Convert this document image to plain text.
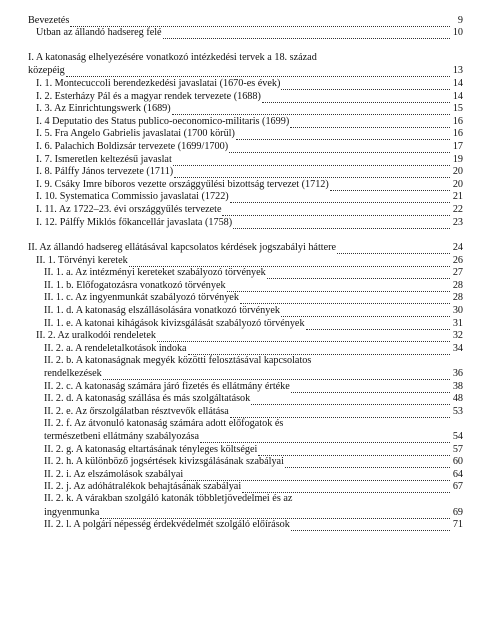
Bevezetés	9
Útban az állandó hadsereg felé	10
I. A katonaság elhelyezésére vonatkozó intézkedési tervek a 18. század
közepéig	13
I. 1. Montecuccoli berendezkedési javaslatai (1670-es évek)	14
I. 2. Esterházy Pál és a magyar rendek tervezete (1688)	14
I. 3. Az Einrichtungswerk (1689)	15
I. 4 Deputatio des Status publico-oeconomico-militaris (1699)	16
I. 5. Fra Angelo Gabrielis javaslatai (1700 körül)	16
I. 6. Palachich Boldizsár tervezete (1699/1700)	17
I. 7. Ismeretlen keltezésű javaslat	19
I. 8. Pálffy János tervezete (1711)	20
I. 9. Csáky Imre bíboros vezette országgyűlési bizottság tervezet (1712)	20
I. 10. Systematica Commissio javaslatai (1722)	21
I. 11. Az 1722–23. évi országgyűlés tervezete	22
I. 12. Pálffy Miklós főkancellár javaslata (1758)	23
II. Az állandó hadsereg ellátásával kapcsolatos kérdések jogszabályi háttere	24
II. 1. Törvényi keretek	26
II. 1. a. Az intézményi kereteket szabályozó törvények	27
II. 1. b. Előfogatozásra vonatkozó törvények	28
II. 1. c. Az ingyenmunkát szabályozó törvények	28
II. 1. d. A katonaság elszállásolására vonatkozó törvények	30
II. 1. e. A katonai kihágások kivizsgálását szabályozó törvények	31
II. 2. Az uralkodói rendeletek	32
II. 2. a. A rendeletalkotások indoka	34
II. 2. b. A katonaságnak megyék közötti felosztásával kapcsolatos
rendelkezések	36
II. 2. c. A katonaság számára járó fizetés és ellátmány értéke	38
II. 2. d. A katonaság szállása és más szolgáltatások	48
II. 2. e. Az őrszolgálatban résztvevők ellátása	53
II. 2. f. Az átvonuló katonaság számára adott előfogatok és
természetbeni ellátmány szabályozása	54
II. 2. g. A katonaság eltartásának tényleges költségei	57
II. 2. h. A különböző jogsértések kivizsgálásának szabályai	60
II. 2. i. Az elszámolások szabályai	64
II. 2. j. Az adóhátralékok behajtásának szabályai	67
II. 2. k. A várakban szolgáló katonák többletjövedelmei és az
ingyenmunka	69
II. 2. l. A polgári népesség érdekvédelmét szolgáló előírások	71
